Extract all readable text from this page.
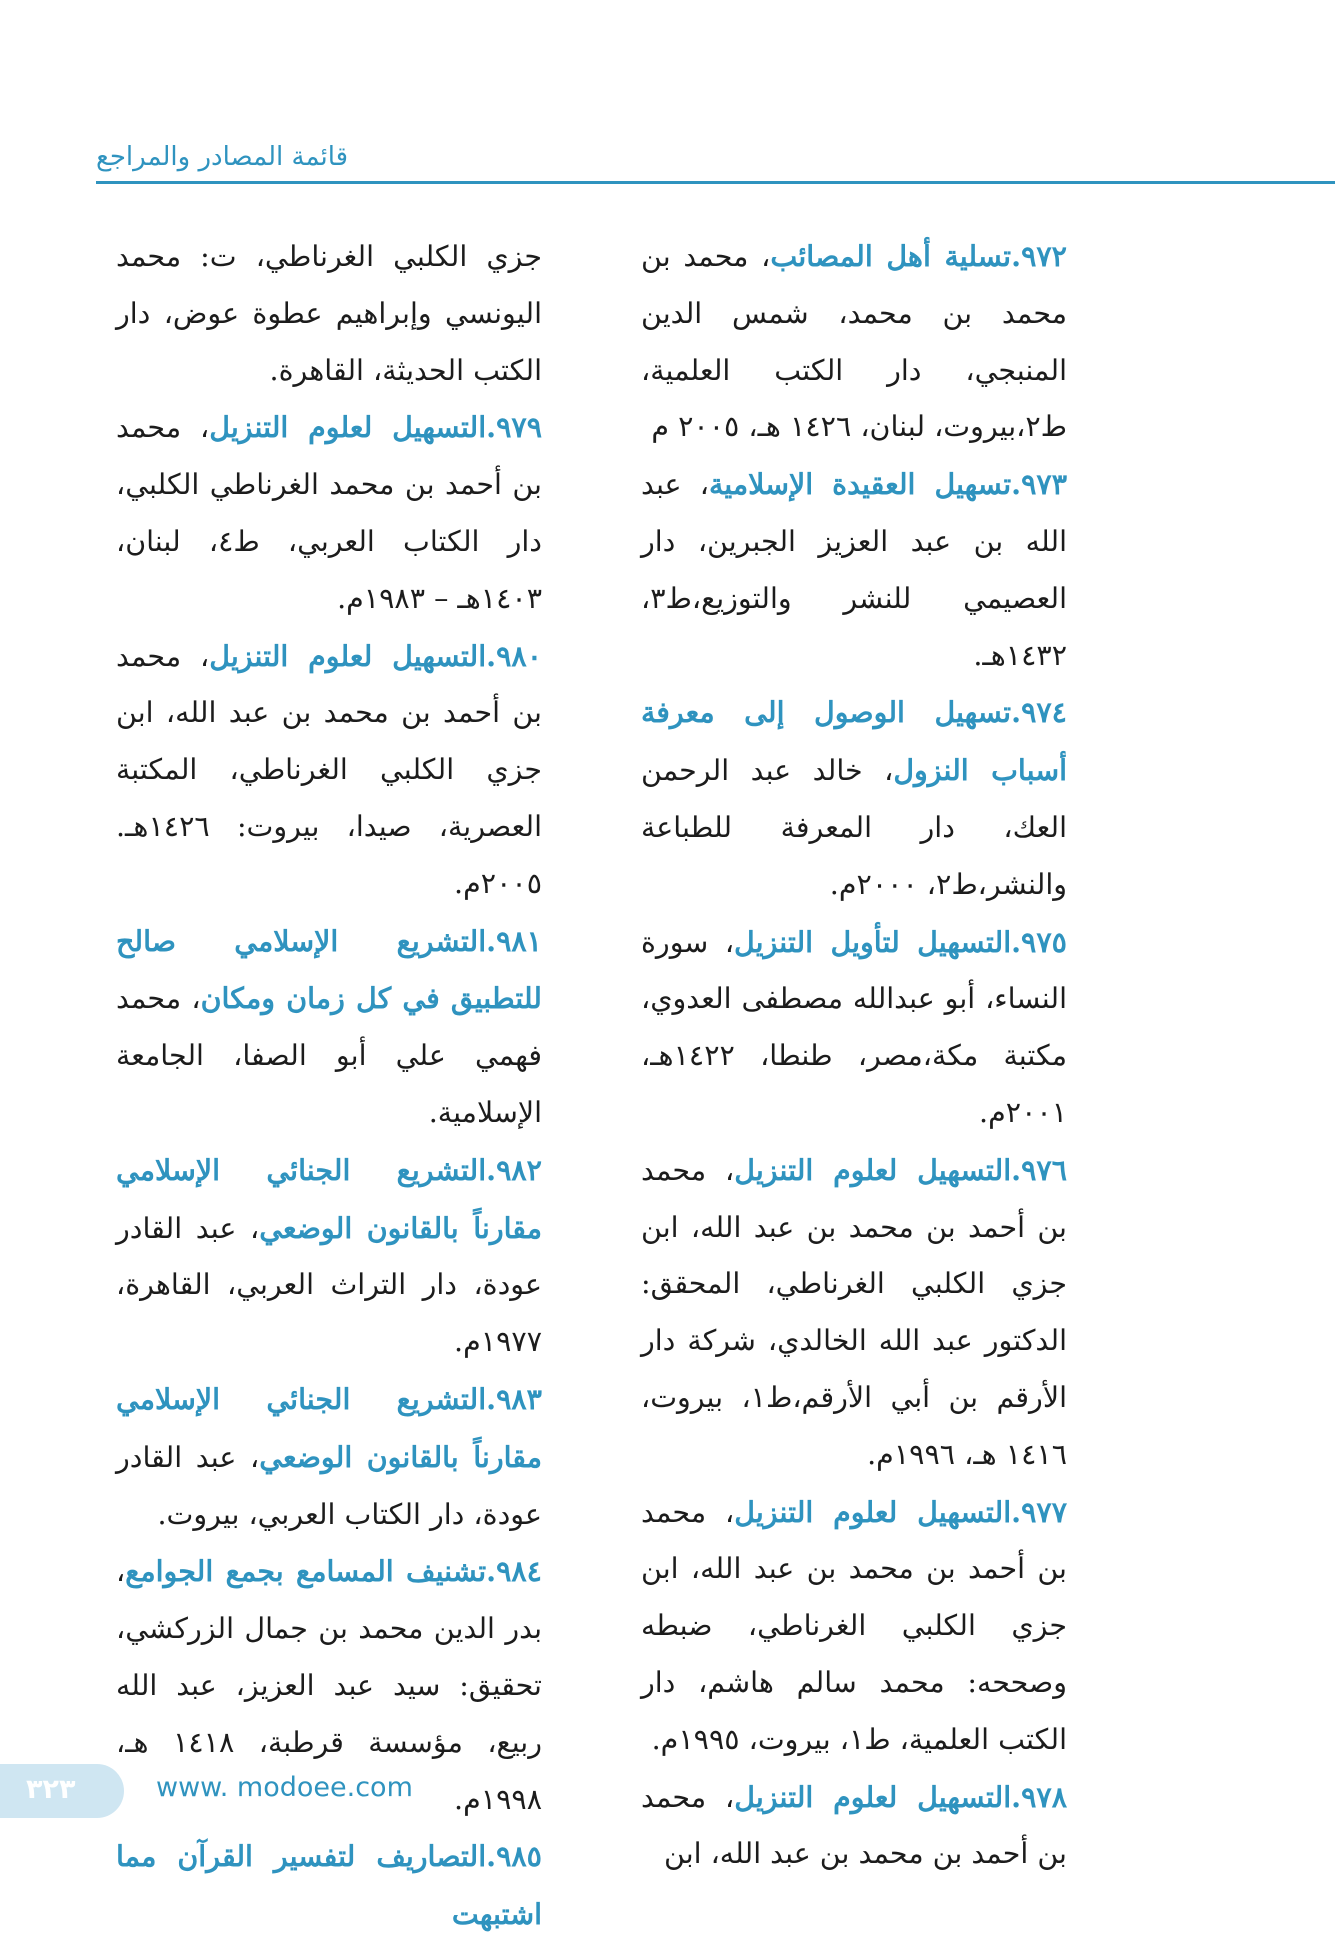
قائمة المصادر والمراجع

٩٧٢.تسلية أهل المصائب، محمد بن محمد بن محمد، شمس الدين المنبجي، دار الكتب العلمية، ط٢،بيروت، لبنان، ١٤٢٦ هـ، ٢٠٠٥ م

٩٧٣.تسهيل العقيدة الإسلامية، عبد الله بن عبد العزيز الجبرين، دار العصيمي للنشر والتوزيع،ط٣، ١٤٣٢هـ.

٩٧٤.تسهيل الوصول إلى معرفة أسباب النزول، خالد عبد الرحمن العك، دار المعرفة للطباعة والنشر،ط٢، ٢٠٠٠م.

٩٧٥.التسهيل لتأويل التنزيل، سورة النساء، أبو عبدالله مصطفى العدوي، مكتبة مكة،مصر، طنطا، ١٤٢٢هـ، ٢٠٠١م.

٩٧٦.التسهيل لعلوم التنزيل، محمد بن أحمد بن محمد بن عبد الله، ابن جزي الكلبي الغرناطي، المحقق: الدكتور عبد الله الخالدي، شركة دار الأرقم بن أبي الأرقم،ط١، بيروت، ١٤١٦ هـ، ١٩٩٦م.

٩٧٧.التسهيل لعلوم التنزيل، محمد بن أحمد بن محمد بن عبد الله، ابن جزي الكلبي الغرناطي، ضبطه وصححه: محمد سالم هاشم، دار الكتب العلمية، ط١، بيروت، ١٩٩٥م.

٩٧٨.التسهيل لعلوم التنزيل، محمد بن أحمد بن محمد بن عبد الله، ابن

جزي الكلبي الغرناطي، ت: محمد اليونسي وإبراهيم عطوة عوض، دار الكتب الحديثة، القاهرة.

٩٧٩.التسهيل لعلوم التنزيل، محمد بن أحمد بن محمد الغرناطي الكلبي، دار الكتاب العربي، ط٤، لبنان، ١٤٠٣هـ – ١٩٨٣م.

٩٨٠.التسهيل لعلوم التنزيل، محمد بن أحمد بن محمد بن عبد الله، ابن جزي الكلبي الغرناطي، المكتبة العصرية، صيدا، بيروت: ١٤٢٦هـ. ٢٠٠٥م.

٩٨١.التشريع الإسلامي صالح للتطبيق في كل زمان ومكان، محمد فهمي علي أبو الصفا، الجامعة الإسلامية.

٩٨٢.التشريع الجنائي الإسلامي مقارناً بالقانون الوضعي، عبد القادر عودة، دار التراث العربي، القاهرة، ١٩٧٧م.

٩٨٣.التشريع الجنائي الإسلامي مقارناً بالقانون الوضعي، عبد القادر عودة، دار الكتاب العربي، بيروت.

٩٨٤.تشنيف المسامع بجمع الجوامع، بدر الدين محمد بن جمال الزركشي، تحقيق: سيد عبد العزيز، عبد الله ربيع، مؤسسة قرطبة، ١٤١٨ هـ، ١٩٩٨م.

٩٨٥.التصاريف لتفسير القرآن مما اشتبهت

٣٢٣	www. modoee.com
